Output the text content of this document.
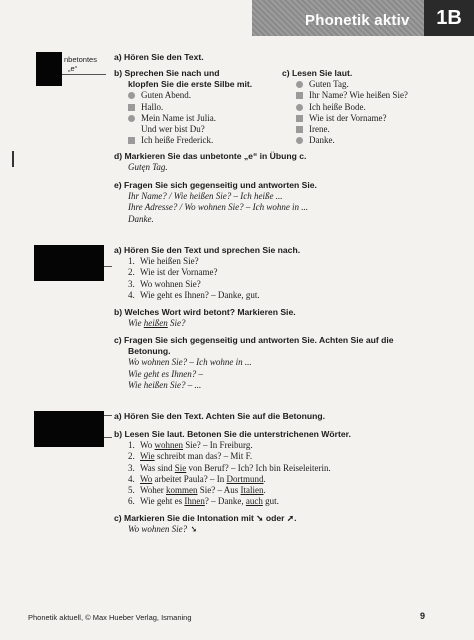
Phonetik aktiv	1B
nbetontes
„e“
a) Hören Sie den Text.
b) Sprechen Sie nach und
klopfen Sie die erste Silbe mit.
Guten Abend.
Hallo.
Mein Name ist Julia.
Und wer bist Du?
Ich heiße Frederick.
c) Lesen Sie laut.
Guten Tag.
Ihr Name? Wie heißen Sie?
Ich heiße Bode.
Wie ist der Vorname?
Irene.
Danke.
d) Markieren Sie das unbetonte „e“ in Übung c.
Gutęn Tag.
e) Fragen Sie sich gegenseitig und antworten Sie.
Ihr Name? / Wie heißen Sie? – Ich heiße ...
Ihre Adresse? / Wo wohnen Sie? – Ich wohne in ...
Danke.
a) Hören Sie den Text und sprechen Sie nach.
1. Wie heißen Sie?
2. Wie ist der Vorname?
3. Wo wohnen Sie?
4. Wie geht es Ihnen? – Danke, gut.
b) Welches Wort wird betont? Markieren Sie.
Wie heißen Sie?
c) Fragen Sie sich gegenseitig und antworten Sie. Achten Sie auf die
Betonung.
Wo wohnen Sie? – Ich wohne in ...
Wie geht es Ihnen? –
Wie heißen Sie? – ...
a) Hören Sie den Text. Achten Sie auf die Betonung.
b) Lesen Sie laut. Betonen Sie die unterstrichenen Wörter.
1. Wo wohnen Sie? – In Freiburg.
2. Wie schreibt man das? – Mit F.
3. Was sind Sie von Beruf? – Ich? Ich bin Reiseleiterin.
4. Wo arbeitet Paula? – In Dortmund.
5. Woher kommen Sie? – Aus Italien.
6. Wie geht es Ihnen? – Danke, auch gut.
c) Markieren Sie die Intonation mit ➘ oder ➚.
Wo wohnen Sie? ➘
Phonetik aktuell, © Max Hueber Verlag, Ismaning	9
